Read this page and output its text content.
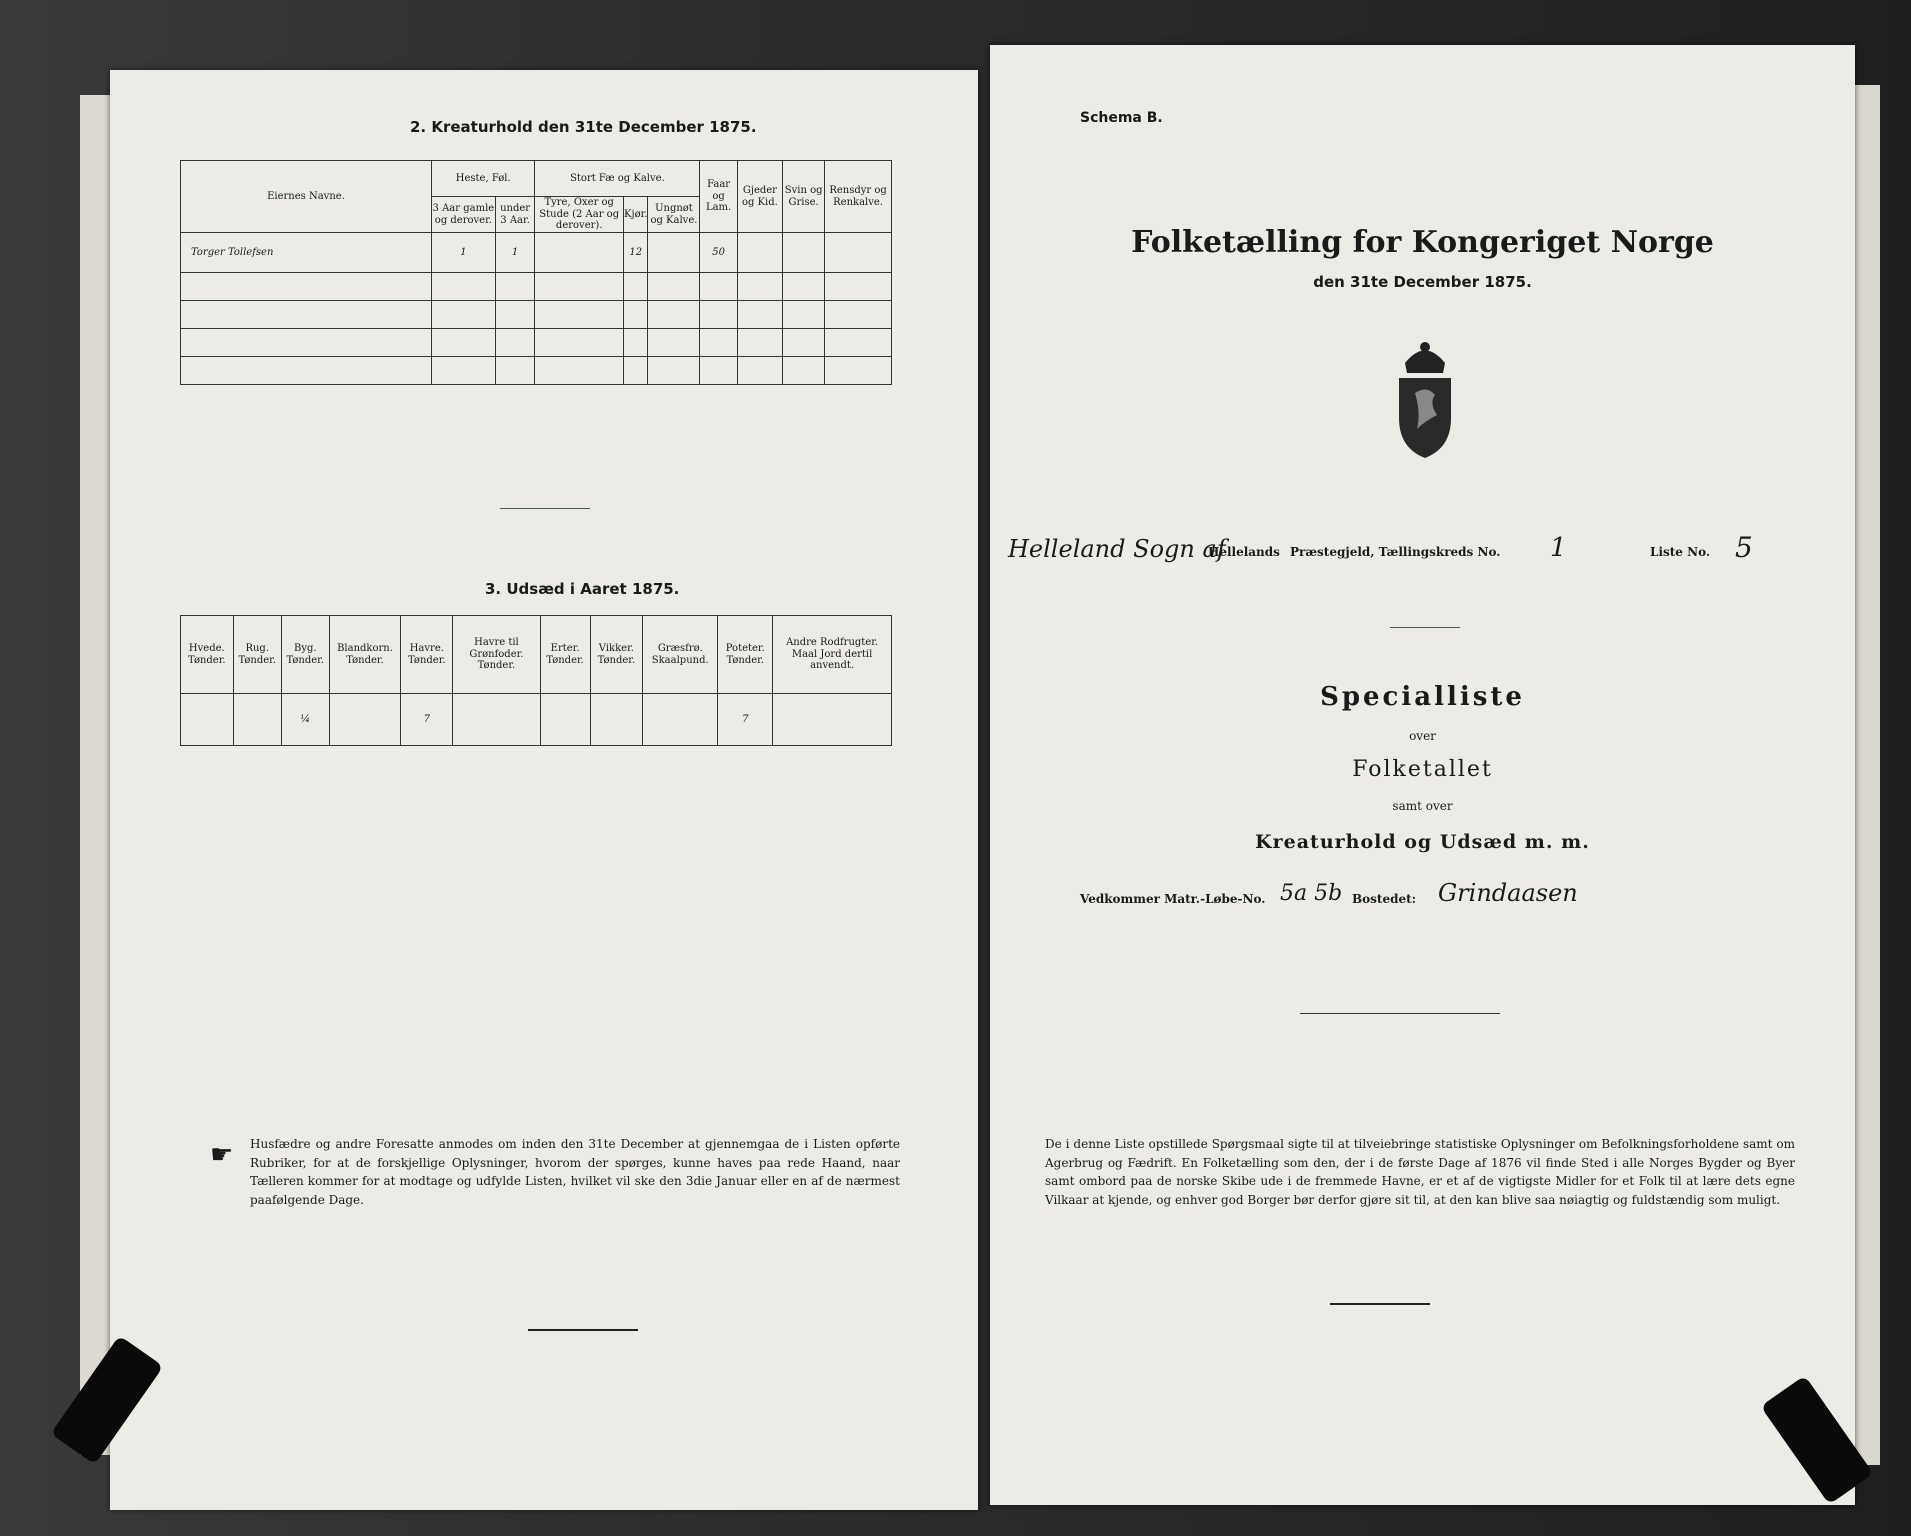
2. Kreaturhold den 31te December 1875.
Eiernes Navne.	Heste, Føl.		Stort Fæ og Kalve.			Faar og Lam.	Gjeder og Kid.	Svin og Grise.	Rensdyr og Renkalve.
	3 Aar gamle og derover.	under 3 Aar.	Tyre, Oxer og Stude (2 Aar og derover).	Kjør.	Ungnøt og Kalve.				
Torger Tollefsen	1	1		12		50			

3. Udsæd i Aaret 1875.
Hvede. Tønder.	Rug. Tønder.	Byg. Tønder.	Blandkorn. Tønder.	Havre. Tønder.	Havre til Grønfoder. Tønder.	Erter. Tønder.	Vikker. Tønder.	Græsfrø. Skaalpund.	Poteter. Tønder.	Andre Rodfrugter. Maal Jord dertil anvendt.
		¼		7					7	
☛ Husfædre og andre Foresatte anmodes om inden den 31te December at gjennemgaa de i Listen opførte Rubriker, for at de forskjellige Oplysninger, hvorom der spørges, kunne haves paa rede Haand, naar Tælleren kommer for at modtage og udfylde Listen, hvilket vil ske den 3die Januar eller en af de nærmest paafølgende Dage.
Schema B.
Folketælling for Kongeriget Norge
den 31te December 1875.
Helleland Sogn af
Hellelands Præstegjeld, Tællingskreds No. 1	Liste No. 5
Specialliste
over
Folketallet
samt over
Kreaturhold og Udsæd m. m.
Vedkommer Matr.-Løbe-No. 5a 5b Bostedet: Grindaasen
De i denne Liste opstillede Spørgsmaal sigte til at tilveiebringe statistiske Oplysninger om Befolkningsforholdene samt om Agerbrug og Fædrift. En Folketælling som den, der i de første Dage af 1876 vil finde Sted i alle Norges Bygder og Byer samt ombord paa de norske Skibe ude i de fremmede Havne, er et af de vigtigste Midler for et Folk til at lære dets egne Vilkaar at kjende, og enhver god Borger bør derfor gjøre sit til, at den kan blive saa nøiagtig og fuldstændig som muligt.
